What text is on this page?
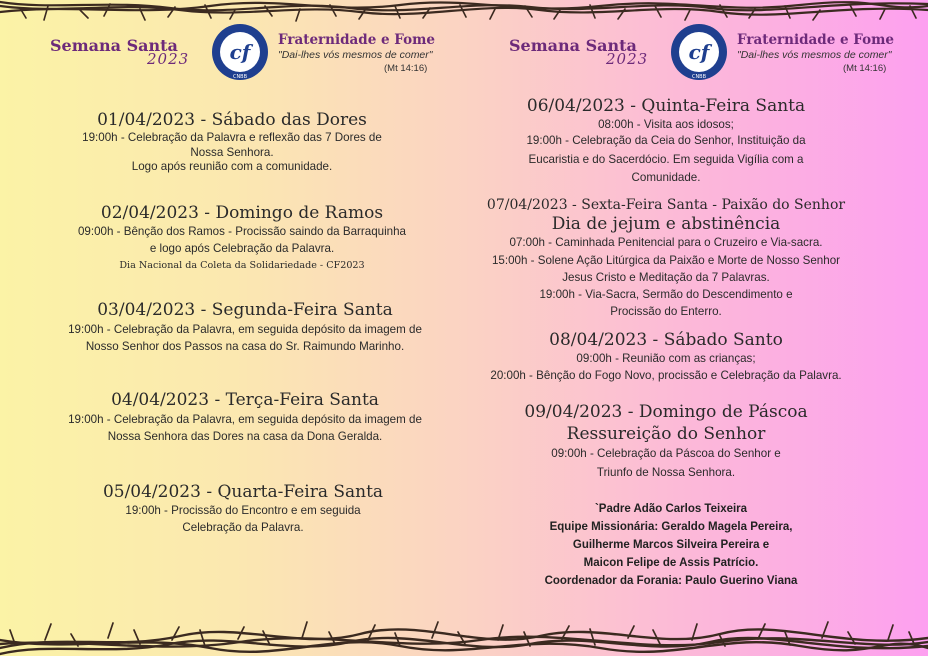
Semana Santa
2023 cf
CNBB
Fraternidade e Fome
"Dai-lhes vós mesmos de comer"
(Mt 14:16)
01/04/2023 - Sábado das Dores
19:00h - Celebração da Palavra e reflexão das 7 Dores de
Nossa Senhora.
Logo após reunião com a comunidade.
02/04/2023 - Domingo de Ramos
09:00h - Bênção dos Ramos - Procissão saindo da Barraquinha
e logo após Celebração da Palavra.
Dia Nacional da Coleta da Solidariedade - CF2023
03/04/2023 - Segunda-Feira Santa
19:00h - Celebração da Palavra, em seguida depósito da imagem de
Nosso Senhor dos Passos na casa do Sr. Raimundo Marinho.
04/04/2023 - Terça-Feira Santa
19:00h - Celebração da Palavra, em seguida depósito da imagem de
Nossa Senhora das Dores na casa da Dona Geralda.
05/04/2023 - Quarta-Feira Santa
19:00h - Procissão do Encontro e em seguida
Celebração da Palavra.
Semana Santa
2023 cf
CNBB
Fraternidade e Fome
"Dai-lhes vós mesmos de comer"
(Mt 14:16)
06/04/2023 - Quinta-Feira Santa
08:00h - Visita aos idosos;
19:00h - Celebração da Ceia do Senhor, Instituição da
Eucaristia e do Sacerdócio. Em seguida Vigília com a
Comunidade.
07/04/2023 - Sexta-Feira Santa - Paixão do Senhor
Dia de jejum e abstinência
07:00h - Caminhada Penitencial para o Cruzeiro e Via-sacra.
15:00h - Solene Ação Litúrgica da Paixão e Morte de Nosso Senhor
Jesus Cristo e Meditação da 7 Palavras.
19:00h - Via-Sacra, Sermão do Descendimento e
Procissão do Enterro.
08/04/2023 - Sábado Santo
09:00h - Reunião com as crianças;
20:00h - Bênção do Fogo Novo, procissão e Celebração da Palavra.
09/04/2023 - Domingo de Páscoa
Ressureição do Senhor
09:00h - Celebração da Páscoa do Senhor e
Triunfo de Nossa Senhora.
`Padre Adão Carlos Teixeira
Equipe Missionária: Geraldo Magela Pereira,
Guilherme Marcos Silveira Pereira e
Maicon Felipe de Assis Patrício.
Coordenador da Forania: Paulo Guerino Viana
